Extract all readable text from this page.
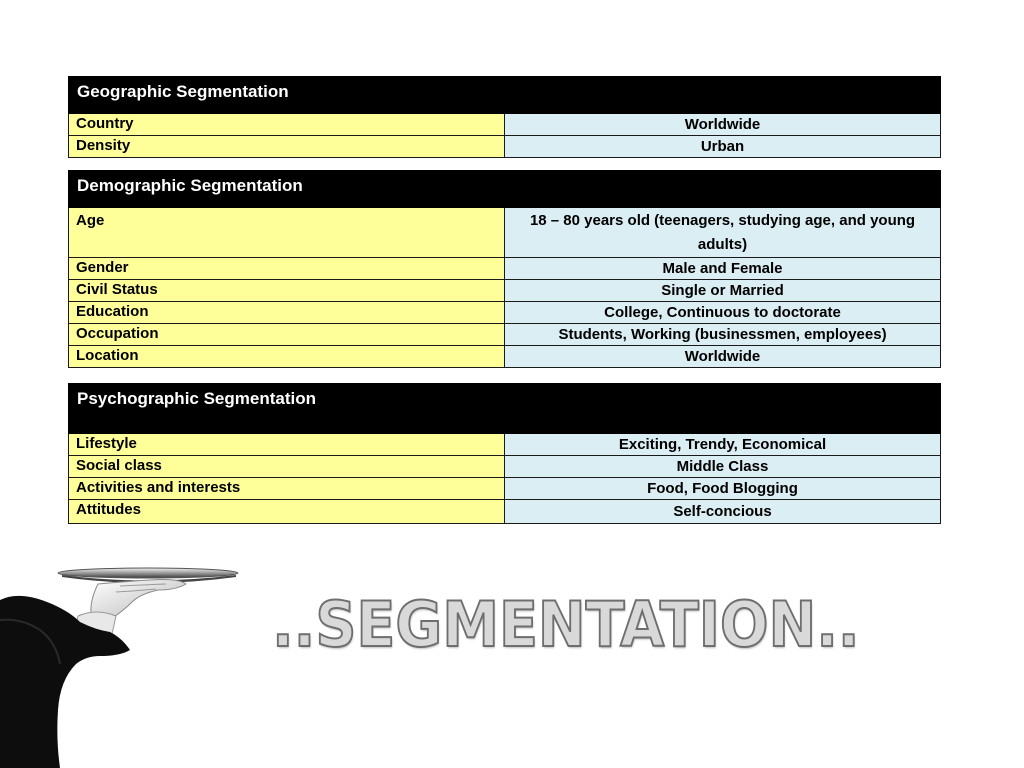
Geographic Segmentation	
Country	Worldwide
Density	Urban
Demographic Segmentation	
Age	18 – 80 years old (teenagers, studying age, and young adults)
Gender	Male and Female
Civil Status	Single or Married
Education	College, Continuous to doctorate
Occupation	Students, Working (businessmen, employees)
Location	Worldwide
Psychographic Segmentation	
Lifestyle	Exciting, Trendy, Economical
Social class	Middle Class
Activities and interests	Food, Food Blogging
Attitudes	Self-concious
..SEGMENTATION..
